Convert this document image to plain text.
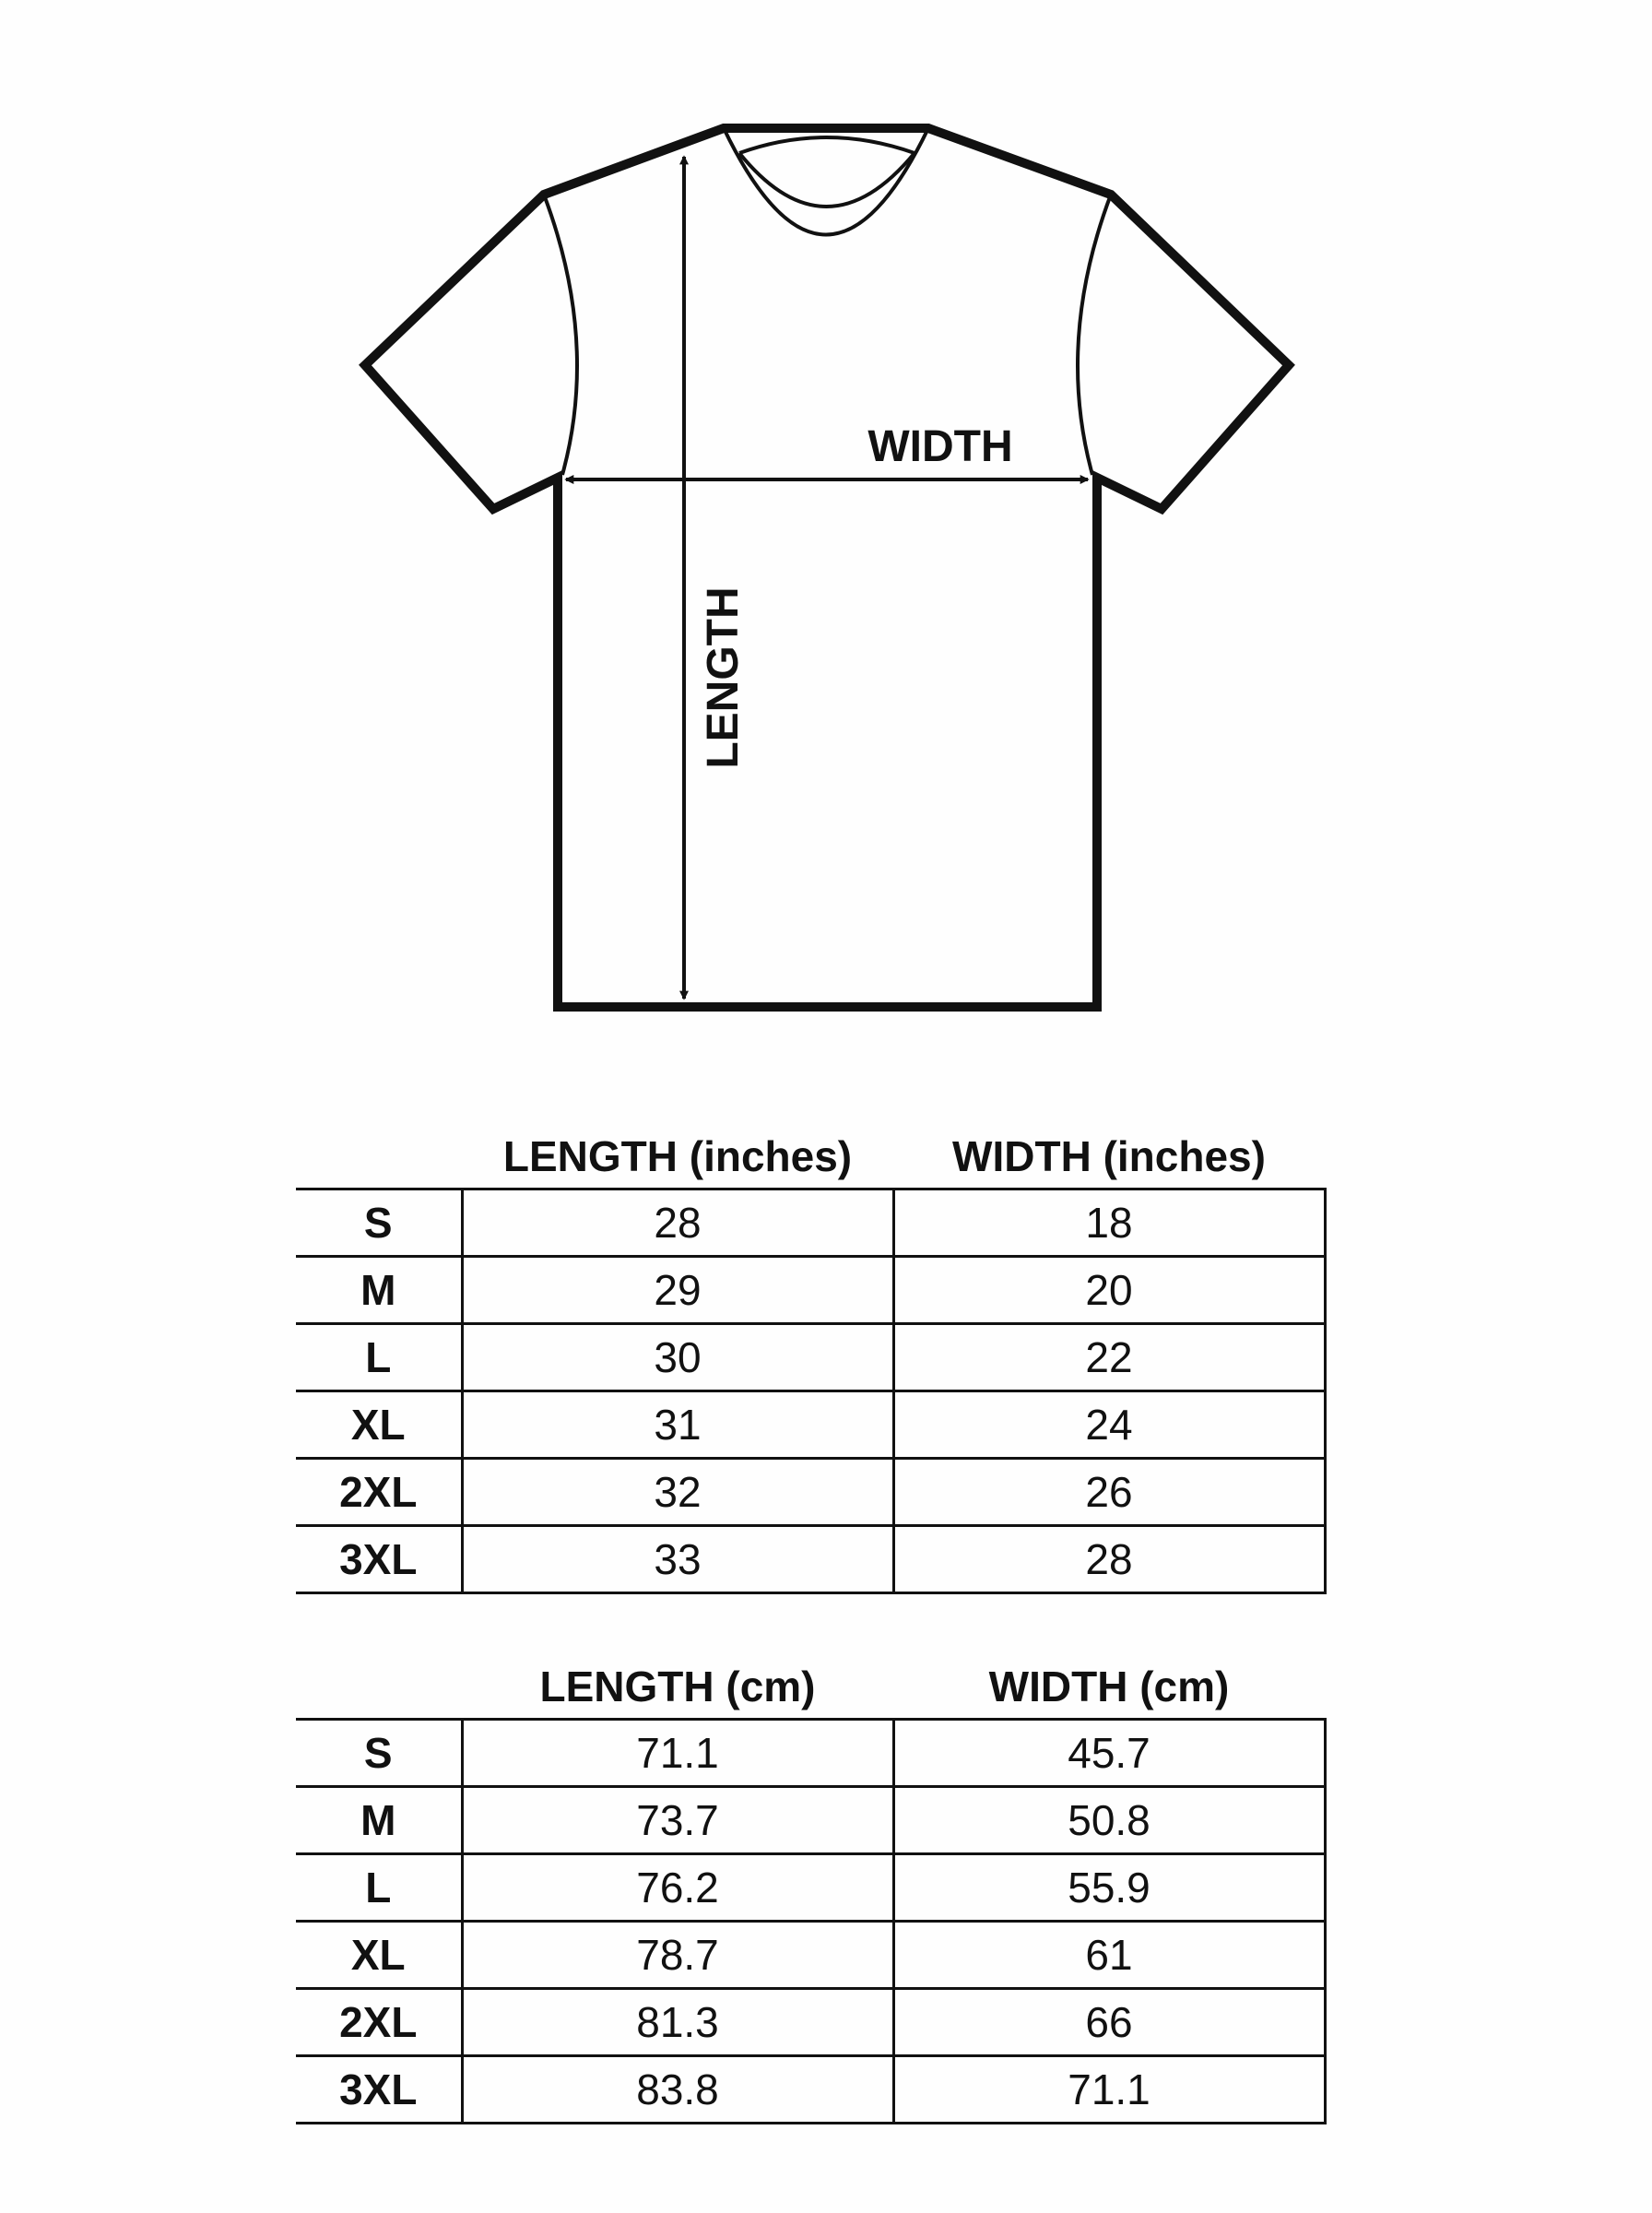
WIDTH
LENGTH
	LENGTH (inches)	WIDTH (inches)
S	28	18
M	29	20
L	30	22
XL	31	24
2XL	32	26
3XL	33	28
	LENGTH (cm)	WIDTH (cm)
S	71.1	45.7
M	73.7	50.8
L	76.2	55.9
XL	78.7	61
2XL	81.3	66
3XL	83.8	71.1
